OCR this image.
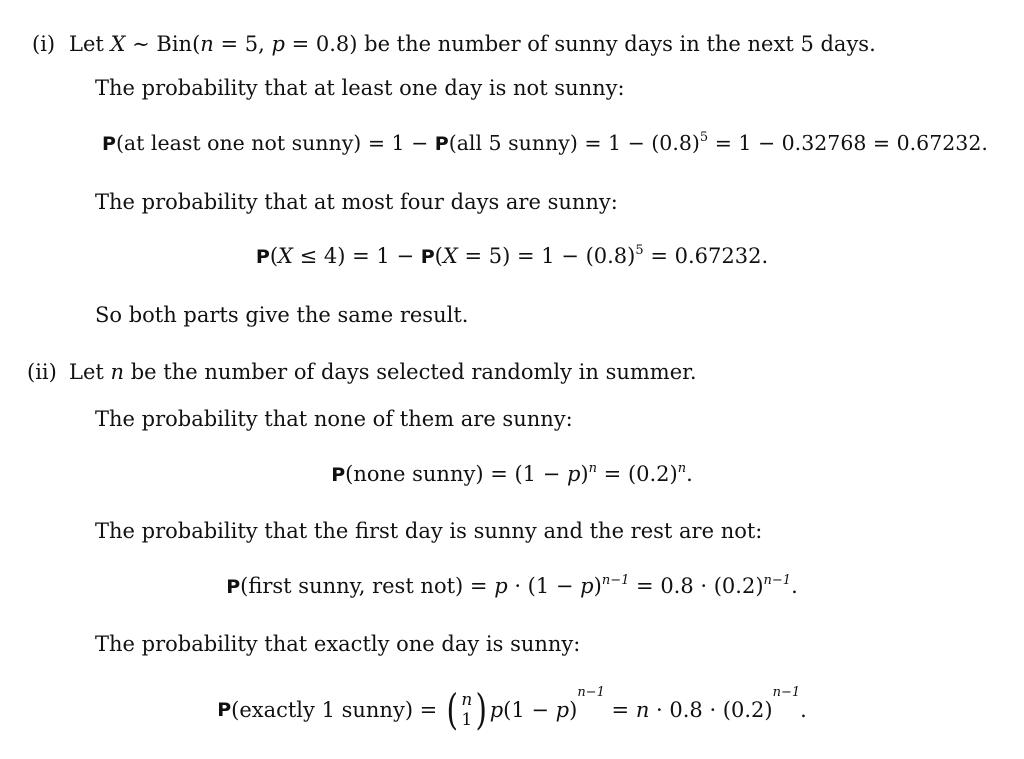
(i) Let X ∼ Bin(n = 5, p = 0.8) be the number of sunny days in the next 5 days.
The probability that at least one day is not sunny:
P(at least one not sunny) = 1 − P(all 5 sunny) = $1 - (0.8)^5 = 1 - 0.32768 = 0.67232$.
The probability that at most four days are sunny:
$P(X \le 4) = 1 - P(X = 5) = 1 - (0.8)^5 = 0.67232$.
So both parts give the same result.
(ii) Let n be the number of days selected randomly in summer.
The probability that none of them are sunny:
P(none sunny) = $(1 - p)^n = (0.2)^n$.
The probability that the first day is sunny and the rest are not:
P(first sunny, rest $not) = p \cdot (1 - p)^{n-1} = 0.8 \cdot (0.2)^{n-1}$.
The probability that exactly one day is sunny:
P (exactly 1 sunny) = ( n
1 ) p (1 − p )
n−1
= n · 0.8 · (0.2)
n−1
.
